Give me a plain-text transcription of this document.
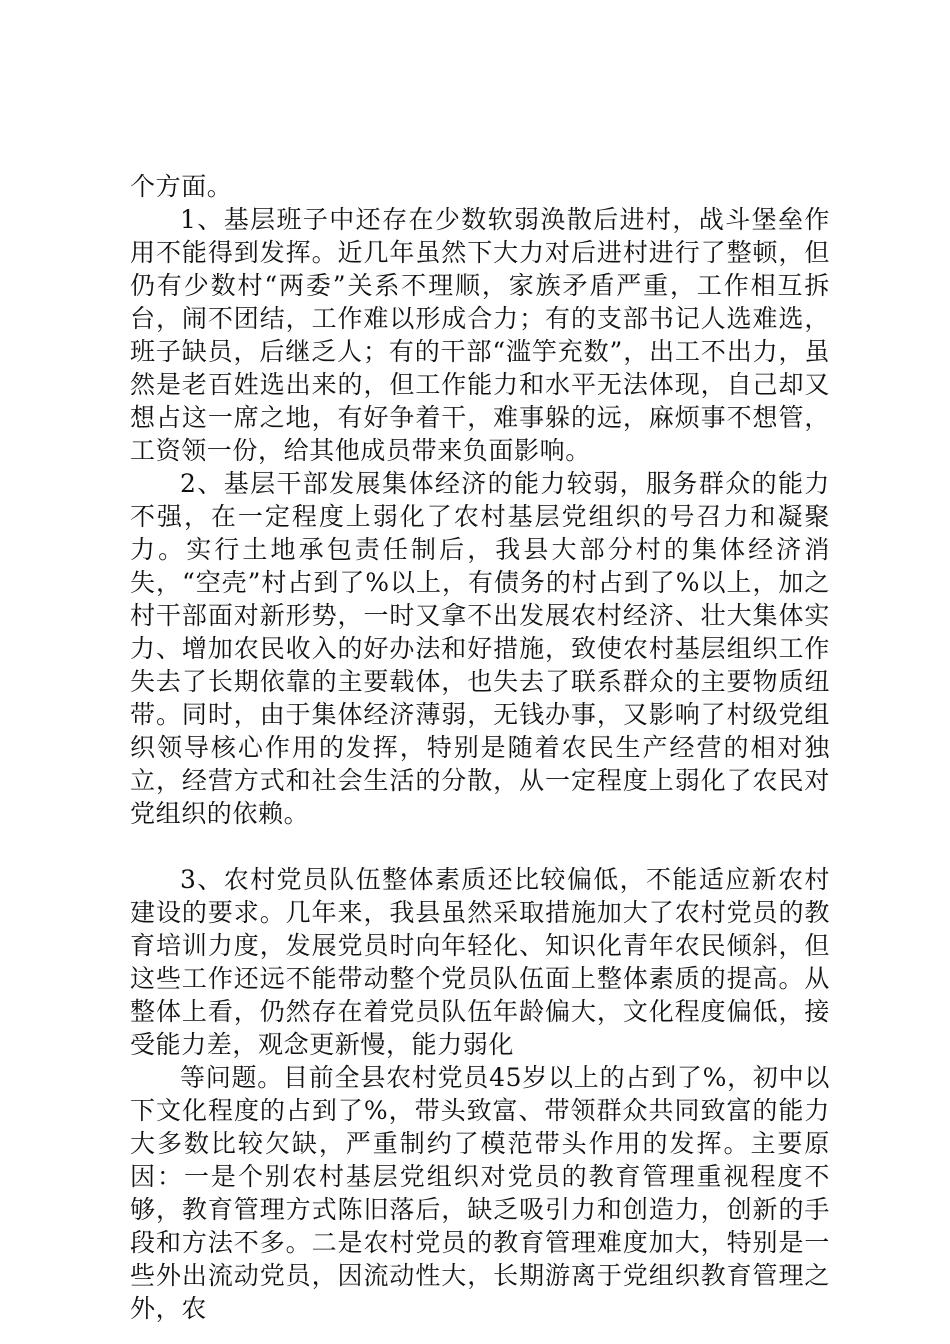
个方面。

1、基层班子中还存在少数软弱涣散后进村，战斗堡垒作用不能得到发挥。近几年虽然下大力对后进村进行了整顿，但仍有少数村“两委”关系不理顺，家族矛盾严重，工作相互拆台，闹不团结，工作难以形成合力；有的支部书记人选难选，班子缺员，后继乏人；有的干部“滥竽充数”，出工不出力，虽然是老百姓选出来的，但工作能力和水平无法体现，自己却又想占这一席之地，有好争着干，难事躲的远，麻烦事不想管，工资领一份，给其他成员带来负面影响。

2、基层干部发展集体经济的能力较弱，服务群众的能力不强，在一定程度上弱化了农村基层党组织的号召力和凝聚力。实行土地承包责任制后，我县大部分村的集体经济消失，“空壳”村占到了%以上，有债务的村占到了%以上，加之村干部面对新形势，一时又拿不出发展农村经济、壮大集体实力、增加农民收入的好办法和好措施，致使农村基层组织工作失去了长期依靠的主要载体，也失去了联系群众的主要物质纽带。同时，由于集体经济薄弱，无钱办事，又影响了村级党组织领导核心作用的发挥，特别是随着农民生产经营的相对独立，经营方式和社会生活的分散，从一定程度上弱化了农民对党组织的依赖。

3、农村党员队伍整体素质还比较偏低，不能适应新农村建设的要求。几年来，我县虽然采取措施加大了农村党员的教育培训力度，发展党员时向年轻化、知识化青年农民倾斜，但这些工作还远不能带动整个党员队伍面上整体素质的提高。从整体上看，仍然存在着党员队伍年龄偏大，文化程度偏低，接受能力差，观念更新慢，能力弱化

等问题。目前全县农村党员45岁以上的占到了%，初中以下文化程度的占到了%，带头致富、带领群众共同致富的能力大多数比较欠缺，严重制约了模范带头作用的发挥。主要原因：一是个别农村基层党组织对党员的教育管理重视程度不够，教育管理方式陈旧落后，缺乏吸引力和创造力，创新的手段和方法不多。二是农村党员的教育管理难度加大，特别是一些外出流动党员，因流动性大，长期游离于党组织教育管理之外，农
